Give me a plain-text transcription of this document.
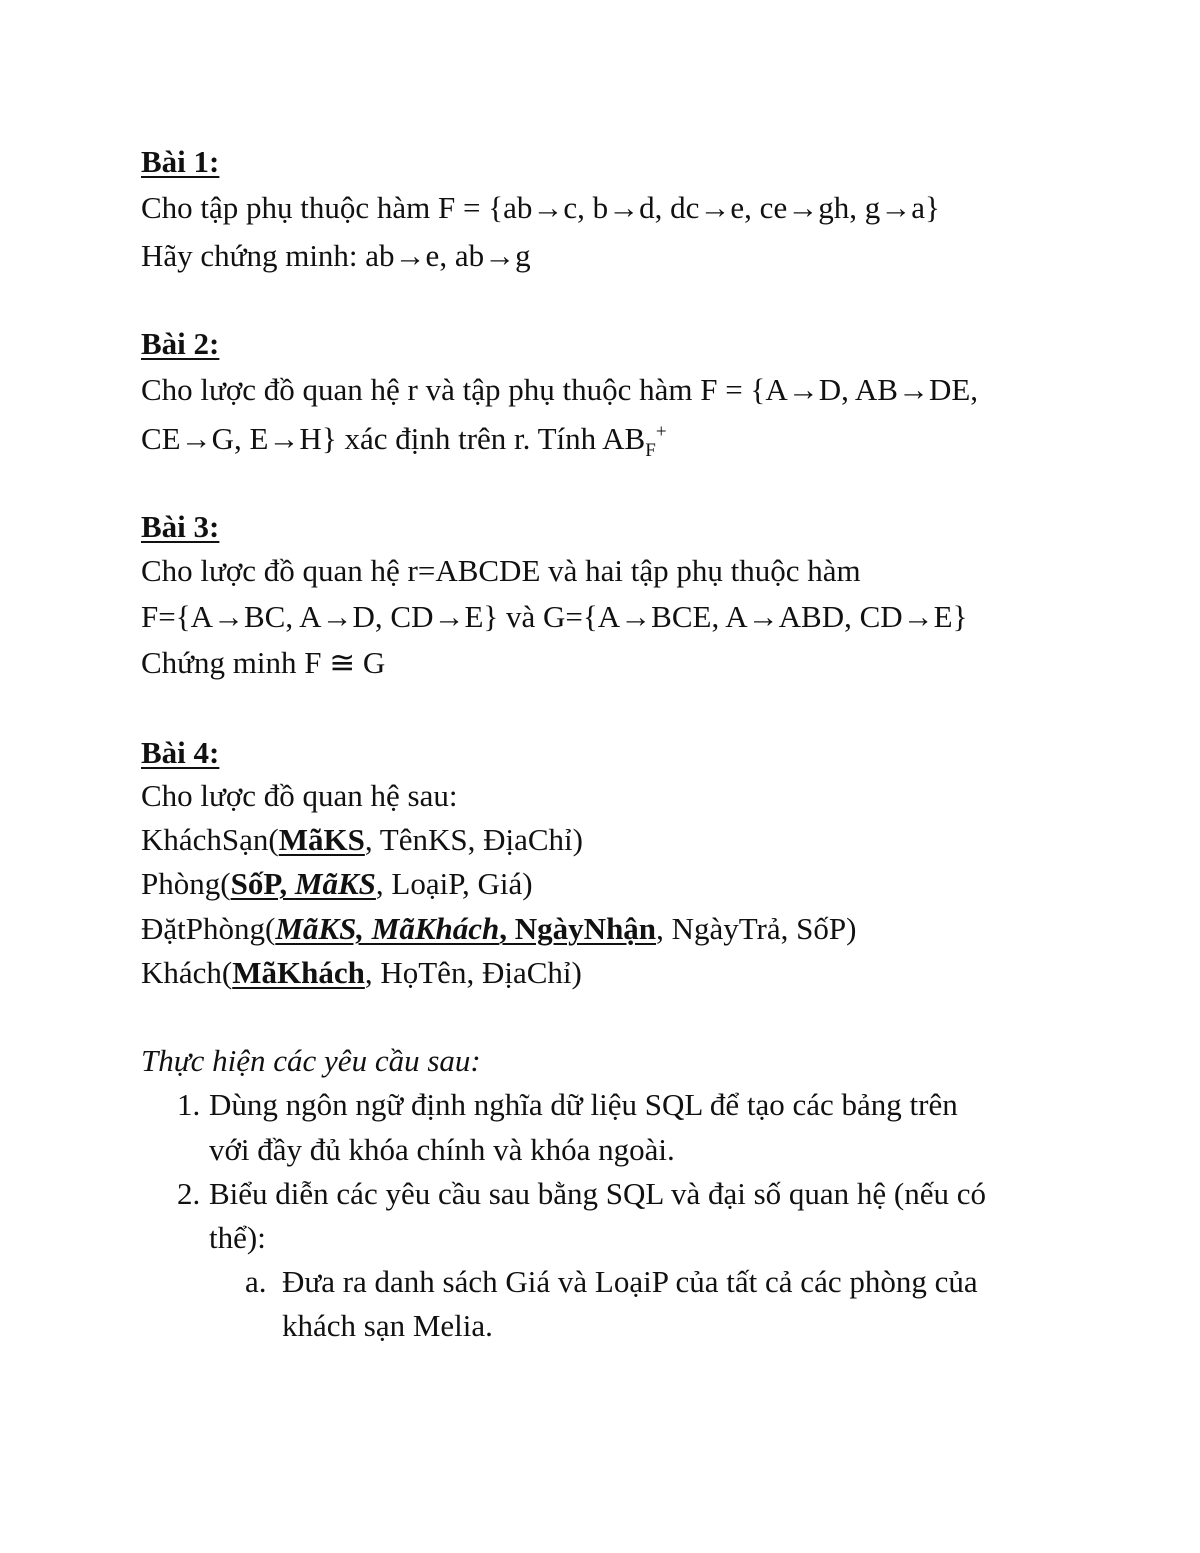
Bài 1:
Cho tập phụ thuộc hàm F = {ab→c, b→d, dc→e, ce→gh, g→a}
Hãy chứng minh: ab→e, ab→g
Bài 2:
Cho lược đồ quan hệ r và tập phụ thuộc hàm F = {A→D, AB→DE,
CE→G, E→H} xác định trên r. Tính $AB_F^+$
Bài 3:
Cho lược đồ quan hệ r=ABCDE và hai tập phụ thuộc hàm
F={A→BC, A→D, CD→E} và G={A→BCE, A→ABD, CD→E}
Chứng minh F ≅ G
Bài 4:
Cho lược đồ quan hệ sau:
KháchSạn(MãKS, TênKS, ĐịaChỉ)
Phòng(SốP, MãKS, LoạiP, Giá)
ĐặtPhòng(MãKS, MãKhách, NgàyNhận, NgàyTrả, SốP)
Khách(MãKhách, HọTên, ĐịaChỉ)
Thực hiện các yêu cầu sau:
1. Dùng ngôn ngữ định nghĩa dữ liệu SQL để tạo các bảng trên
với đầy đủ khóa chính và khóa ngoài.
2. Biểu diễn các yêu cầu sau bằng SQL và đại số quan hệ (nếu có
thể):
a. Đưa ra danh sách Giá và LoạiP của tất cả các phòng của
khách sạn Melia.
